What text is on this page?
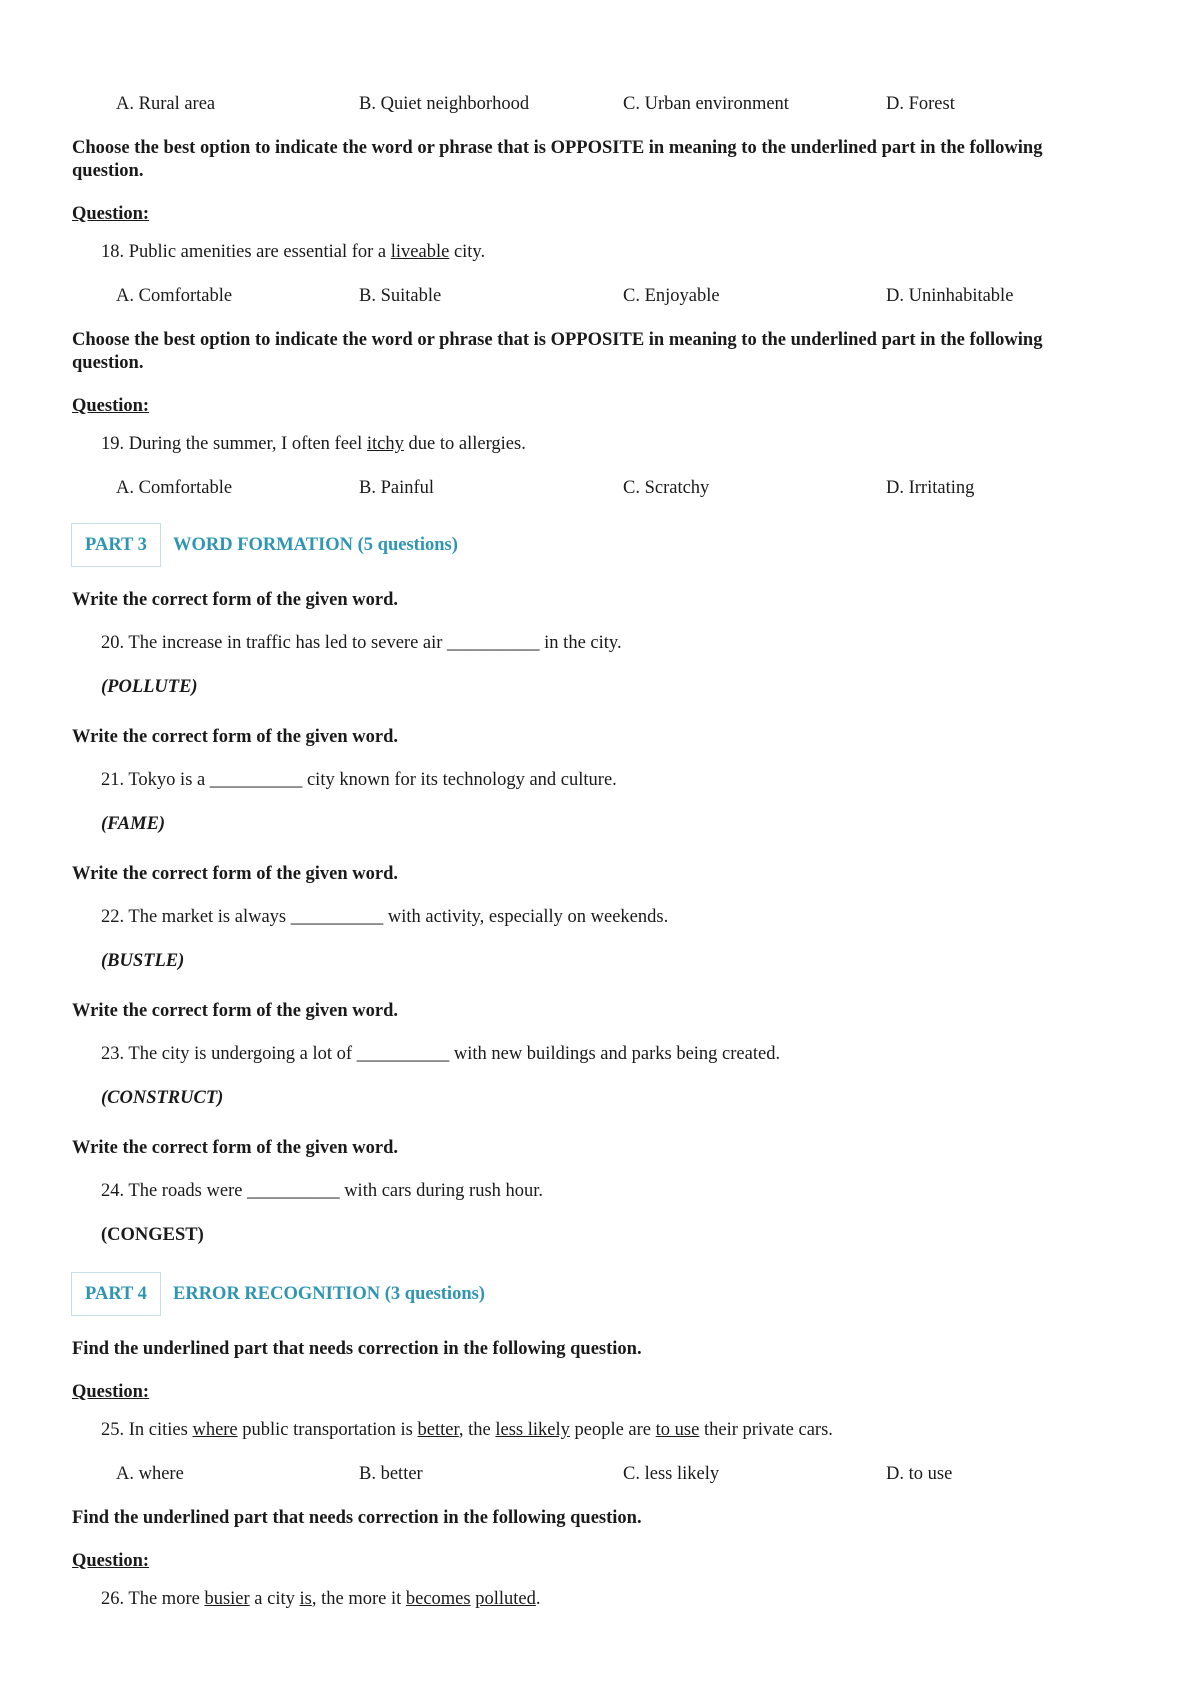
A. Rural area	B. Quiet neighborhood	C. Urban environment	D. Forest
Choose the best option to indicate the word or phrase that is OPPOSITE in meaning to the underlined part in the following question.
Question:
18. Public amenities are essential for a liveable city.
A. Comfortable	B. Suitable	C. Enjoyable	D. Uninhabitable
Choose the best option to indicate the word or phrase that is OPPOSITE in meaning to the underlined part in the following question.
Question:
19. During the summer, I often feel itchy due to allergies.
A. Comfortable	B. Painful	C. Scratchy	D. Irritating
PART 3	WORD FORMATION (5 questions)
Write the correct form of the given word.
20. The increase in traffic has led to severe air __________ in the city.
(POLLUTE)
Write the correct form of the given word.
21. Tokyo is a __________ city known for its technology and culture.
(FAME)
Write the correct form of the given word.
22. The market is always __________ with activity, especially on weekends.
(BUSTLE)
Write the correct form of the given word.
23. The city is undergoing a lot of __________ with new buildings and parks being created.
(CONSTRUCT)
Write the correct form of the given word.
24. The roads were __________ with cars during rush hour.
(CONGEST)
PART 4	ERROR RECOGNITION (3 questions)
Find the underlined part that needs correction in the following question.
Question:
25. In cities where public transportation is better, the less likely people are to use their private cars.
A. where	B. better	C. less likely	D. to use
Find the underlined part that needs correction in the following question.
Question:
26. The more busier a city is, the more it becomes polluted.
